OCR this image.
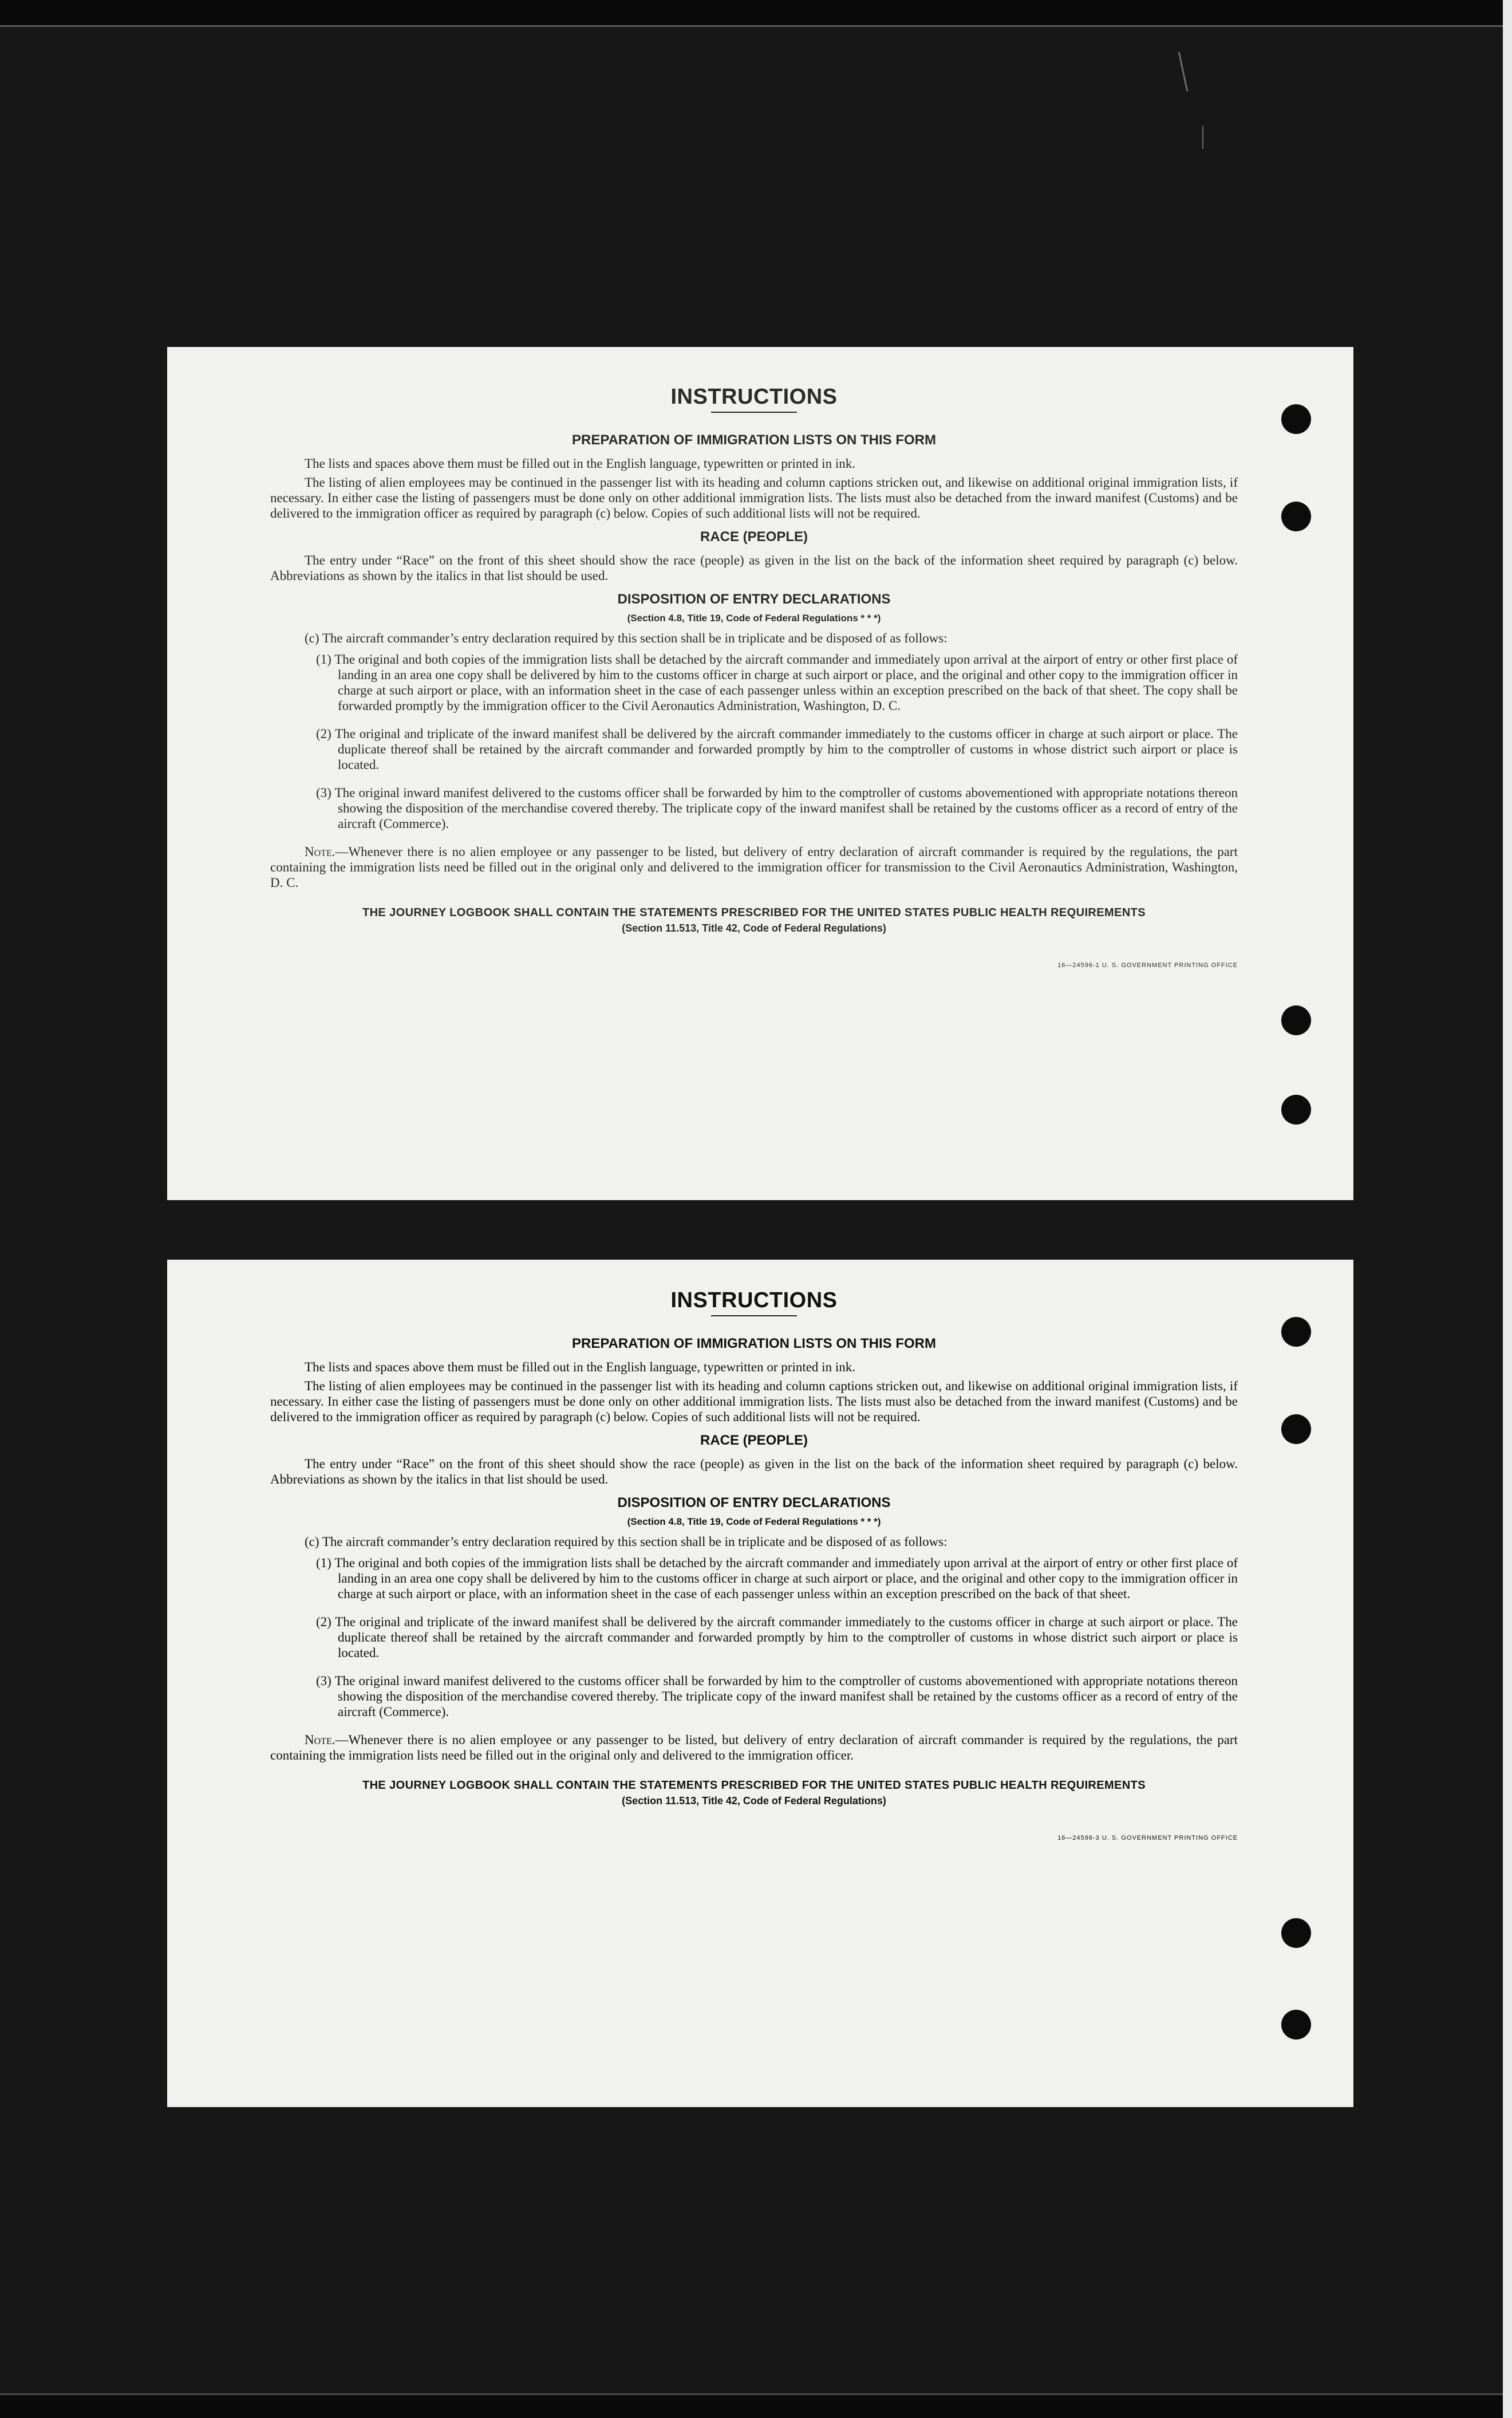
INSTRUCTIONS
PREPARATION OF IMMIGRATION LISTS ON THIS FORM

The lists and spaces above them must be filled out in the English language, typewritten or printed in ink.

The listing of alien employees may be continued in the passenger list with its heading and column captions stricken out, and likewise on additional original immigration lists, if necessary. In either case the listing of passengers must be done only on other additional immigration lists. The lists must also be detached from the inward manifest (Customs) and be delivered to the immigration officer as required by paragraph (c) below. Copies of such additional lists will not be required.

RACE (PEOPLE)

The entry under “Race” on the front of this sheet should show the race (people) as given in the list on the back of the information sheet required by paragraph (c) below. Abbreviations as shown by the italics in that list should be used.

DISPOSITION OF ENTRY DECLARATIONS
(Section 4.8, Title 19, Code of Federal Regulations * * *)

(c) The aircraft commander’s entry declaration required by this section shall be in triplicate and be disposed of as follows:

(1) The original and both copies of the immigration lists shall be detached by the aircraft commander and immediately upon arrival at the airport of entry or other first place of landing in an area one copy shall be delivered by him to the customs officer in charge at such airport or place, and the original and other copy to the immigration officer in charge at such airport or place, with an information sheet in the case of each passenger unless within an exception prescribed on the back of that sheet. The copy shall be forwarded promptly by the immigration officer to the Civil Aeronautics Administration, Washington, D. C.
(2) The original and triplicate of the inward manifest shall be delivered by the aircraft commander immediately to the customs officer in charge at such airport or place. The duplicate thereof shall be retained by the aircraft commander and forwarded promptly by him to the comptroller of customs in whose district such airport or place is located.
(3) The original inward manifest delivered to the customs officer shall be forwarded by him to the comptroller of customs abovementioned with appropriate notations thereon showing the disposition of the merchandise covered thereby. The triplicate copy of the inward manifest shall be retained by the customs officer as a record of entry of the aircraft (Commerce).
Note.—Whenever there is no alien employee or any passenger to be listed, but delivery of entry declaration of aircraft commander is required by the regulations, the part containing the immigration lists need be filled out in the original only and delivered to the immigration officer for transmission to the Civil Aeronautics Administration, Washington, D. C.
THE JOURNEY LOGBOOK SHALL CONTAIN THE STATEMENTS PRESCRIBED FOR THE UNITED STATES PUBLIC HEALTH REQUIREMENTS
(Section 11.513, Title 42, Code of Federal Regulations)
16—24596-1 U. S. GOVERNMENT PRINTING OFFICE
INSTRUCTIONS
PREPARATION OF IMMIGRATION LISTS ON THIS FORM

The lists and spaces above them must be filled out in the English language, typewritten or printed in ink.

The listing of alien employees may be continued in the passenger list with its heading and column captions stricken out, and likewise on additional original immigration lists, if necessary. In either case the listing of passengers must be done only on other additional immigration lists. The lists must also be detached from the inward manifest (Customs) and be delivered to the immigration officer as required by paragraph (c) below. Copies of such additional lists will not be required.

RACE (PEOPLE)

The entry under “Race” on the front of this sheet should show the race (people) as given in the list on the back of the information sheet required by paragraph (c) below. Abbreviations as shown by the italics in that list should be used.

DISPOSITION OF ENTRY DECLARATIONS
(Section 4.8, Title 19, Code of Federal Regulations * * *)

(c) The aircraft commander’s entry declaration required by this section shall be in triplicate and be disposed of as follows:

(1) The original and both copies of the immigration lists shall be detached by the aircraft commander and immediately upon arrival at the airport of entry or other first place of landing in an area one copy shall be delivered by him to the customs officer in charge at such airport or place, and the original and other copy to the immigration officer in charge at such airport or place, with an information sheet in the case of each passenger unless within an exception prescribed on the back of that sheet.
(2) The original and triplicate of the inward manifest shall be delivered by the aircraft commander immediately to the customs officer in charge at such airport or place. The duplicate thereof shall be retained by the aircraft commander and forwarded promptly by him to the comptroller of customs in whose district such airport or place is located.
(3) The original inward manifest delivered to the customs officer shall be forwarded by him to the comptroller of customs abovementioned with appropriate notations thereon showing the disposition of the merchandise covered thereby. The triplicate copy of the inward manifest shall be retained by the customs officer as a record of entry of the aircraft (Commerce).
Note.—Whenever there is no alien employee or any passenger to be listed, but delivery of entry declaration of aircraft commander is required by the regulations, the part containing the immigration lists need be filled out in the original only and delivered to the immigration officer.
THE JOURNEY LOGBOOK SHALL CONTAIN THE STATEMENTS PRESCRIBED FOR THE UNITED STATES PUBLIC HEALTH REQUIREMENTS
(Section 11.513, Title 42, Code of Federal Regulations)
16—24596-3 U. S. GOVERNMENT PRINTING OFFICE
